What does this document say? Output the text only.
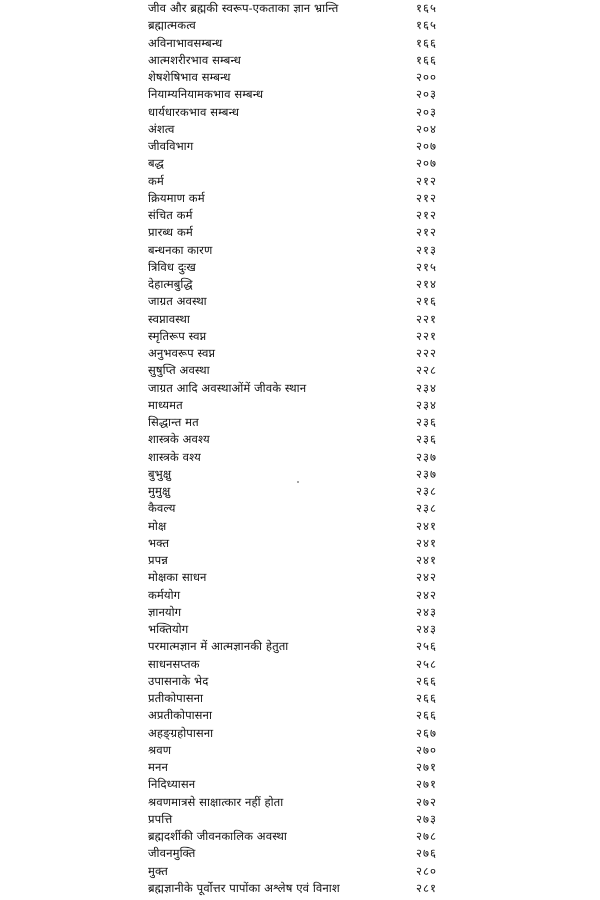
जीव और ब्रह्मकी स्वरूप-एकताका ज्ञान भ्रान्ति	१६५
ब्रह्मात्मकत्व	१६५
अविनाभावसम्बन्ध	१६६
आत्मशरीरभाव सम्बन्ध	१६६
शेषशेषिभाव सम्बन्ध	२००
नियाम्यनियामकभाव सम्बन्ध	२०३
धार्यधारकभाव सम्बन्ध	२०३
अंशत्व	२०४
जीवविभाग	२०७
बद्ध	२०७
कर्म	२१२
क्रियमाण कर्म	२१२
संचित कर्म	२१२
प्रारब्ध कर्म	२१२
बन्धनका कारण	२१३
त्रिविध दुःख	२१५
देहात्मबुद्धि	२१४
जाग्रत अवस्था	२१६
स्वप्नावस्था	२२१
स्मृतिरूप स्वप्न	२२१
अनुभवरूप स्वप्न	२२२
सुषुप्ति अवस्था	२२८
जाग्रत आदि अवस्थाओंमें जीवके स्थान	२३४
माध्यमत	२३४
सिद्धान्त मत	२३६
शास्त्रके अवश्य	२३६
शास्त्रके वश्य	२३७
बुभुक्षु	२३७
मुमुक्षु	२३८
कैवल्य	२३८
मोक्ष	२४१
भक्त	२४१
प्रपन्न	२४१
मोक्षका साधन	२४२
कर्मयोग	२४२
ज्ञानयोग	२४३
भक्तियोग	२४३
परमात्मज्ञान में आत्मज्ञानकी हेतुता	२५६
साधनसप्तक	२५८
उपासनाके भेद	२६६
प्रतीकोपासना	२६६
अप्रतीकोपासना	२६६
अहङ्ग्रहोपासना	२६७
श्रवण	२७०
मनन	२७१
निदिध्यासन	२७१
श्रवणमात्रसे साक्षात्कार नहीं होता	२७२
प्रपत्ति	२७३
ब्रह्मदर्शीकी जीवनकालिक अवस्था	२७८
जीवनमुक्ति	२७६
मुक्त	२८०
ब्रह्मज्ञानीके पूर्वोत्तर पापोंका अश्लेष एवं विनाश	२८१
